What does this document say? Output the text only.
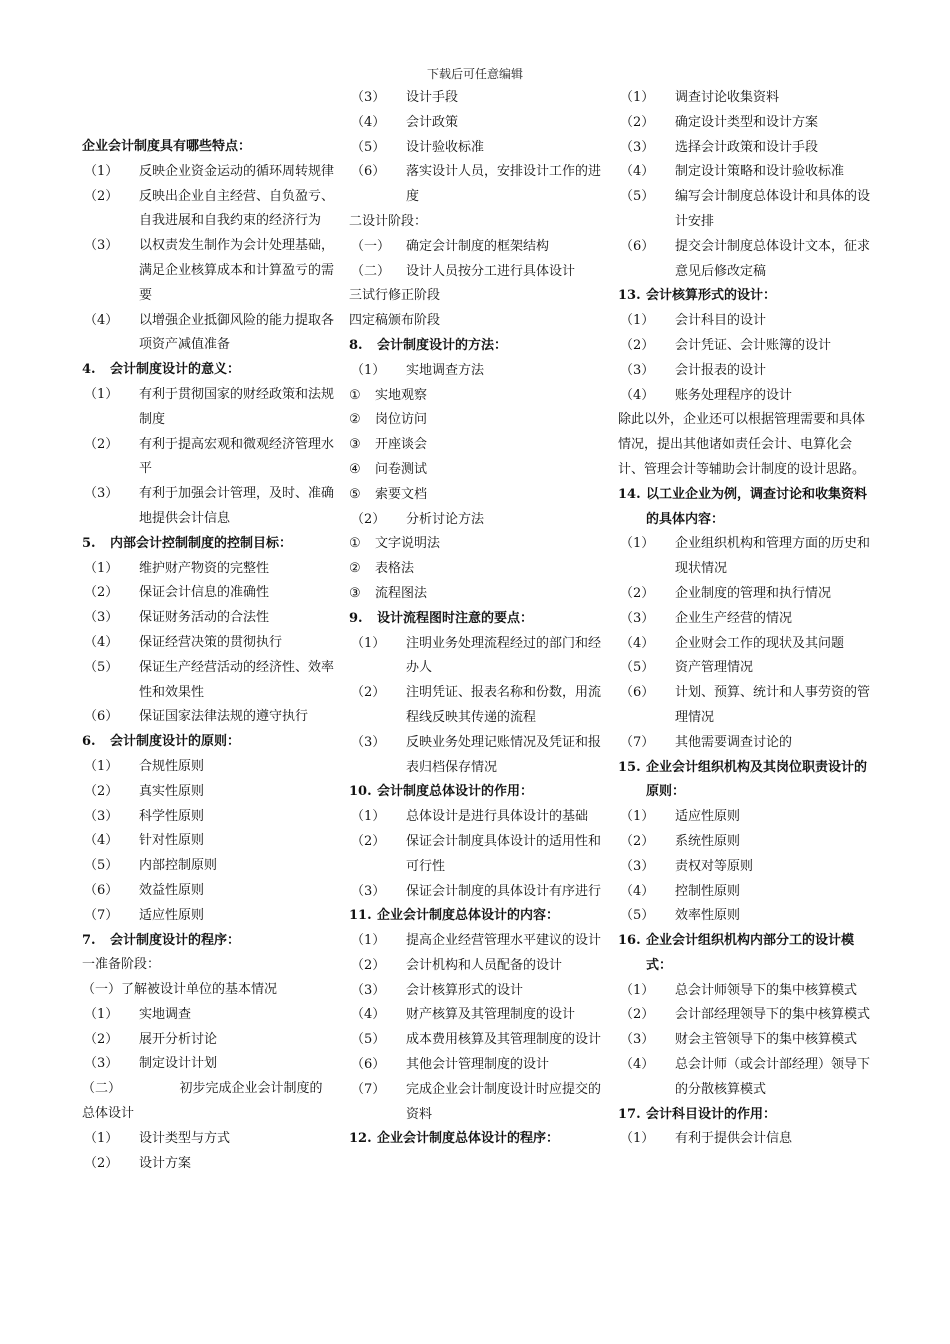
下载后可任意编辑
企业会计制度具有哪些特点：
（1） 反映企业资金运动的循环周转规律
（2） 反映出企业自主经营、自负盈亏、自我进展和自我约束的经济行为
（3） 以权责发生制作为会计处理基础，满足企业核算成本和计算盈亏的需要
（4） 以增强企业抵御风险的能力提取各项资产减值准备
4. 会计制度设计的意义：
（1） 有利于贯彻国家的财经政策和法规制度
（2） 有利于提高宏观和微观经济管理水平
（3） 有利于加强会计管理，及时、准确地提供会计信息
5. 内部会计控制制度的控制目标：
（1） 维护财产物资的完整性
（2） 保证会计信息的准确性
（3） 保证财务活动的合法性
（4） 保证经营决策的贯彻执行
（5） 保证生产经营活动的经济性、效率性和效果性
（6） 保证国家法律法规的遵守执行
6. 会计制度设计的原则：
（1） 合规性原则
（2） 真实性原则
（3） 科学性原则
（4） 针对性原则
（5） 内部控制原则
（6） 效益性原则
（7） 适应性原则
7. 会计制度设计的程序：
一准备阶段：
（一）了解被设计单位的基本情况
（1） 实地调查
（2） 展开分析讨论
（3） 制定设计计划
（二）　　　　　初步完成企业会计制度的总体设计
（1） 设计类型与方式
（2） 设计方案
（3） 设计手段
（4） 会计政策
（5） 设计验收标准
（6） 落实设计人员，安排设计工作的进度
二设计阶段：
（一） 确定会计制度的框架结构
（二） 设计人员按分工进行具体设计
三试行修正阶段
四定稿颁布阶段
8. 会计制度设计的方法：
（1） 实地调查方法
① 实地观察
② 岗位访问
③ 开座谈会
④ 问卷测试
⑤ 索要文档
（2） 分析讨论方法
① 文字说明法
② 表格法
③ 流程图法
9. 设计流程图时注意的要点：
（1） 注明业务处理流程经过的部门和经办人
（2） 注明凭证、报表名称和份数，用流程线反映其传递的流程
（3） 反映业务处理记账情况及凭证和报表归档保存情况
10. 会计制度总体设计的作用：
（1） 总体设计是进行具体设计的基础
（2） 保证会计制度具体设计的适用性和可行性
（3） 保证会计制度的具体设计有序进行
11. 企业会计制度总体设计的内容：
（1） 提高企业经营管理水平建议的设计
（2） 会计机构和人员配备的设计
（3） 会计核算形式的设计
（4） 财产核算及其管理制度的设计
（5） 成本费用核算及其管理制度的设计
（6） 其他会计管理制度的设计
（7） 完成企业会计制度设计时应提交的资料
12. 企业会计制度总体设计的程序：
（1） 调查讨论收集资料
（2） 确定设计类型和设计方案
（3） 选择会计政策和设计手段
（4） 制定设计策略和设计验收标准
（5） 编写会计制度总体设计和具体的设计安排
（6） 提交会计制度总体设计文本，征求意见后修改定稿
13. 会计核算形式的设计：
（1） 会计科目的设计
（2） 会计凭证、会计账簿的设计
（3） 会计报表的设计
（4） 账务处理程序的设计
除此以外，企业还可以根据管理需要和具体情况，提出其他诸如责任会计、电算化会计、管理会计等辅助会计制度的设计思路。
14. 以工业企业为例，调查讨论和收集资料的具体内容：
（1） 企业组织机构和管理方面的历史和现状情况
（2） 企业制度的管理和执行情况
（3） 企业生产经营的情况
（4） 企业财会工作的现状及其问题
（5） 资产管理情况
（6） 计划、预算、统计和人事劳资的管理情况
（7） 其他需要调查讨论的
15. 企业会计组织机构及其岗位职责设计的原则：
（1） 适应性原则
（2） 系统性原则
（3） 责权对等原则
（4） 控制性原则
（5） 效率性原则
16. 企业会计组织机构内部分工的设计模式：
（1） 总会计师领导下的集中核算模式
（2） 会计部经理领导下的集中核算模式
（3） 财会主管领导下的集中核算模式
（4） 总会计师（或会计部经理）领导下的分散核算模式
17. 会计科目设计的作用：
（1） 有利于提供会计信息
